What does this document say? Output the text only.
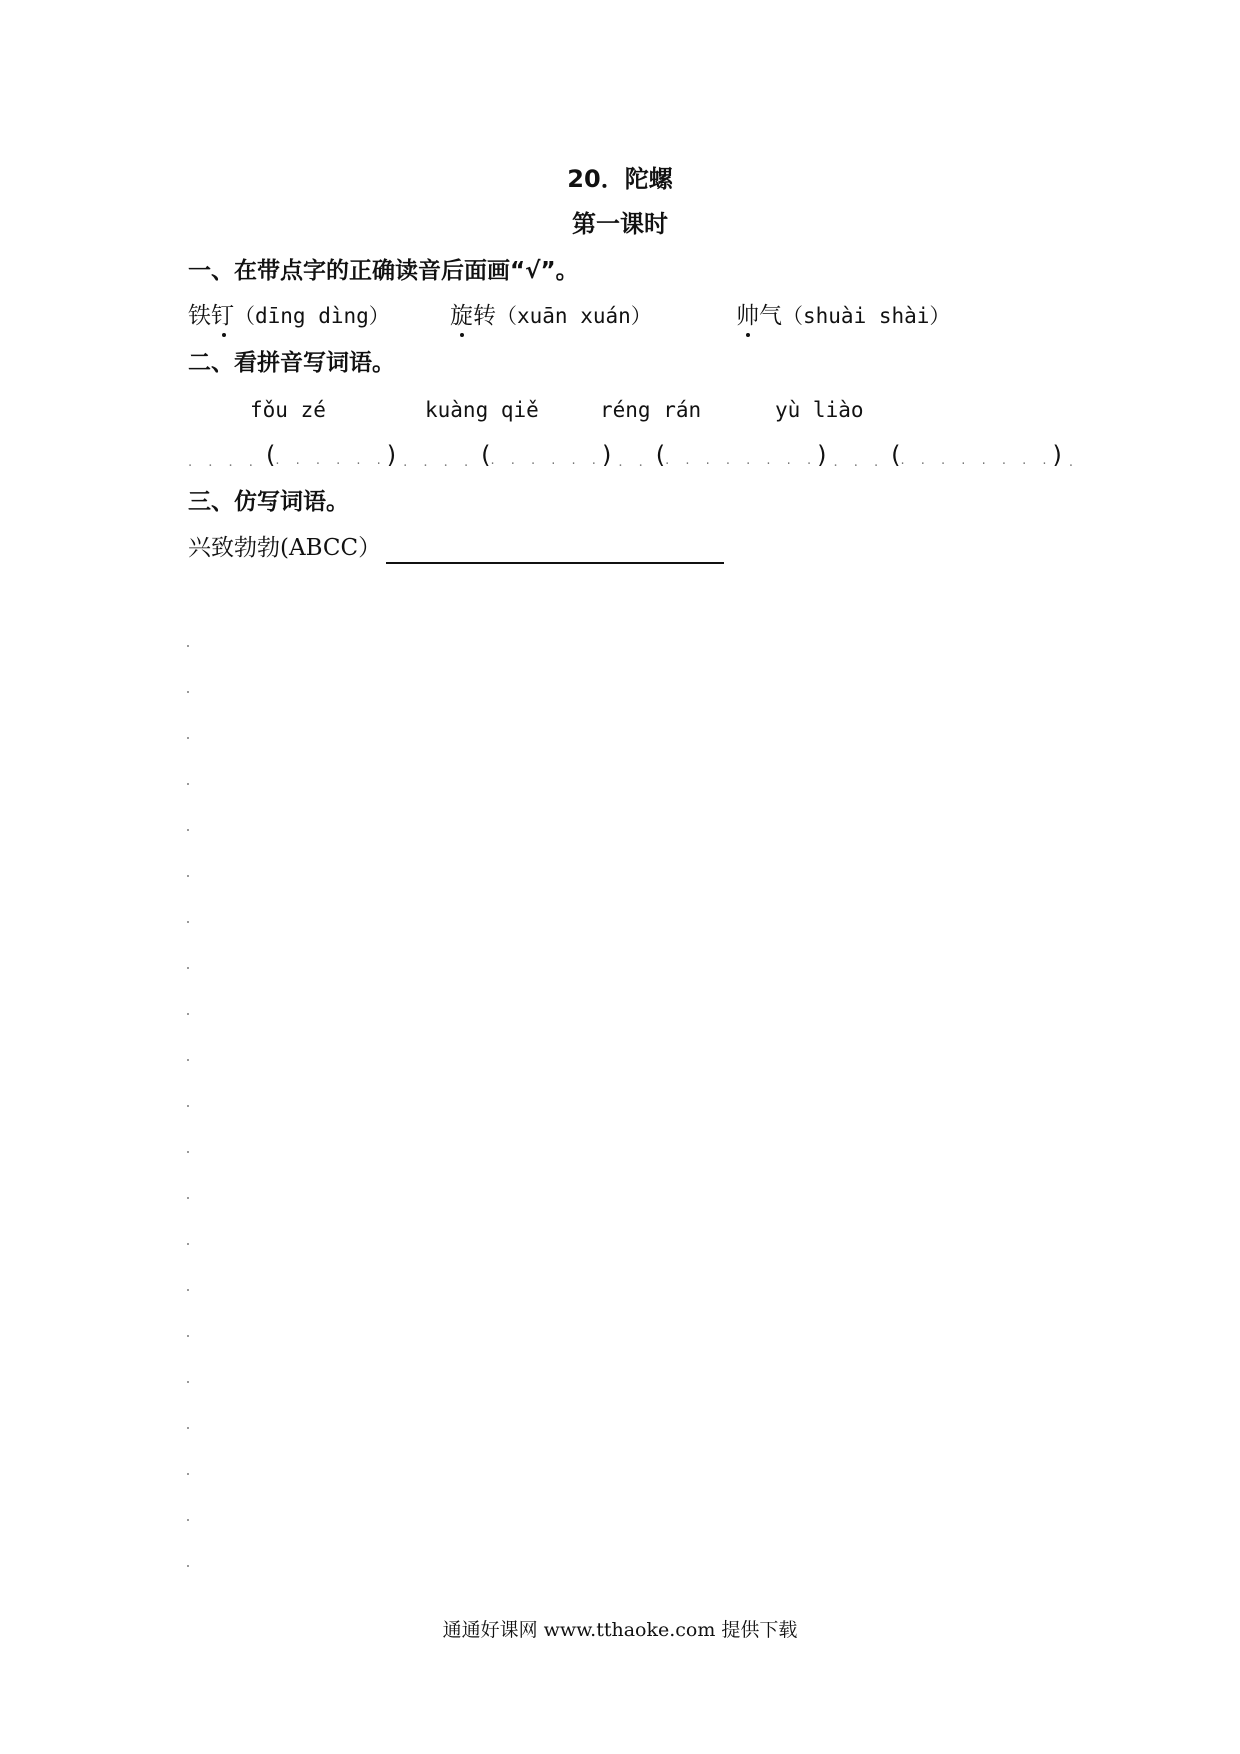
20．陀螺
第一课时
一、在带点字的正确读音后面画“√”。
铁钉
（dīng dìng）	旋转
（xuān xuán）	帅气
（shuài shài）
二、看拼音写词语。
fǒu zé	kuàng qiě	réng rán	yù liào
. . . . (. . . . . .) . . . . (. . . . . .) . . (. . . . . . . .) . . . (. . . . . . . .) .
三、仿写词语。
兴致勃勃(ABCC）
通通好课网 www.tthaoke.com 提供下载
